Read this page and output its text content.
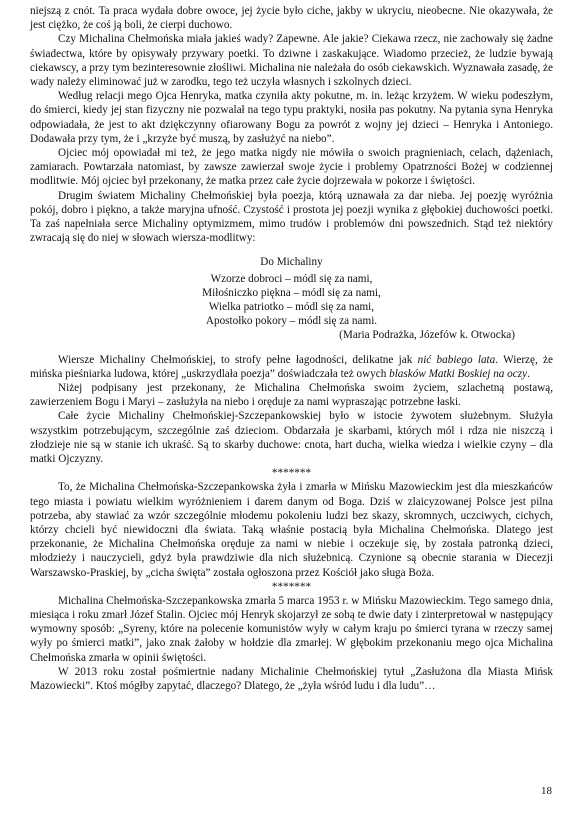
niejszą z cnót. Ta praca wydała dobre owoce, jej życie było ciche, jakby w ukryciu, nieobecne. Nie okazywała, że jest ciężko, że coś ją boli, że cierpi duchowo.

Czy Michalina Chełmońska miała jakieś wady? Zapewne. Ale jakie? Ciekawa rzecz, nie zachowały się żadne świadectwa, które by opisywały przywary poetki. To dziwne i zaskakujące. Wiadomo przecież, że ludzie bywają ciekawscy, a przy tym bezinteresownie złośliwi. Michalina nie należała do osób ciekawskich. Wyznawała zasadę, że wady należy eliminować już w zarodku, tego też uczyła własnych i szkolnych dzieci.

Według relacji mego Ojca Henryka, matka czyniła akty pokutne, m. in. leżąc krzyżem. W wieku podeszłym, do śmierci, kiedy jej stan fizyczny nie pozwalał na tego typu praktyki, nosiła pas pokutny. Na pytania syna Henryka odpowiadała, że jest to akt dziękczynny ofiarowany Bogu za powrót z wojny jej dzieci – Henryka i Antoniego. Dodawała przy tym, że i „krzyże być muszą, by zasłużyć na niebo”.

Ojciec mój opowiadał mi też, że jego matka nigdy nie mówiła o swoich pragnieniach, celach, dążeniach, zamiarach. Powtarzała natomiast, by zawsze zawierzał swoje życie i problemy Opatrzności Bożej w codziennej modlitwie. Mój ojciec był przekonany, że matka przez całe życie dojrzewała w pokorze i świętości.

Drugim światem Michaliny Chełmońskiej była poezja, którą uznawała za dar nieba. Jej poezję wyróżnia pokój, dobro i piękno, a także maryjna ufność. Czystość i prostota jej poezji wynika z głębokiej duchowości poetki. Ta zaś napełniała serce Michaliny optymizmem, mimo trudów i problemów dni powszednich. Stąd też niektóry zwracają się do niej w słowach wiersza-modlitwy:

Do Michaliny
Wzorze dobroci – módl się za nami,
Miłośniczko piękna – módl się za nami,
Wielka patriotko – módl się za nami,
Apostołko pokory – módl się za nami.
(Maria Podrażka, Józefów k. Otwocka)

Wiersze Michaliny Chełmońskiej, to strofy pełne łagodności, delikatne jak nić babiego lata. Wierzę, że mińska pieśniarka ludowa, której „uskrzydlała poezja” doświadczała też owych blasków Matki Boskiej na oczy.

Niżej podpisany jest przekonany, że Michalina Chełmońska swoim życiem, szlachetną postawą, zawierzeniem Bogu i Maryi – zasłużyła na niebo i oręduje za nami wypraszając potrzebne łaski.

Całe życie Michaliny Chełmońskiej-Szczepankowskiej było w istocie żywotem służebnym. Służyła wszystkim potrzebującym, szczególnie zaś dzieciom. Obdarzała je skarbami, których mól i rdza nie niszczą i złodzieje nie są w stanie ich ukraść. Są to skarby duchowe: cnota, hart ducha, wielka wiedza i wielkie czyny – dla matki Ojczyzny.

*******

To, że Michalina Chełmońska-Szczepankowska żyła i zmarła w Mińsku Mazowieckim jest dla mieszkańców tego miasta i powiatu wielkim wyróżnieniem i darem danym od Boga. Dziś w zlaicyzowanej Polsce jest pilna potrzeba, aby stawiać za wzór szczególnie młodemu pokoleniu ludzi bez skazy, skromnych, uczciwych, cichych, którzy chcieli być niewidoczni dla świata. Taką właśnie postacią była Michalina Chełmońska. Dlatego jest przekonanie, że Michalina Chełmońska oręduje za nami w niebie i oczekuje się, by została patronką dzieci, młodzieży i nauczycieli, gdyż była prawdziwie dla nich służebnicą. Czynione są obecnie starania w Diecezji Warszawsko-Praskiej, by „cicha święta” została ogłoszona przez Kościół jako sługa Boża.

*******

Michalina Chełmońska-Szczepankowska zmarła 5 marca 1953 r. w Mińsku Mazowieckim. Tego samego dnia, miesiąca i roku zmarł Józef Stalin. Ojciec mój Henryk skojarzył ze sobą te dwie daty i zinterpretował w następujący wymowny sposób: „Syreny, które na polecenie komunistów wyły w całym kraju po śmierci tyrana w rzeczy samej wyły po śmierci matki”, jako znak żałoby w hołdzie dla zmarłej. W głębokim przekonaniu mego ojca Michalina Chełmońska zmarła w opinii świętości.

W 2013 roku został pośmiertnie nadany Michalinie Chełmońskiej tytuł „Zasłużona dla Miasta Mińsk Mazowiecki”. Ktoś mógłby zapytać, dlaczego? Dlatego, że „żyła wśród ludu i dla ludu”…

18
